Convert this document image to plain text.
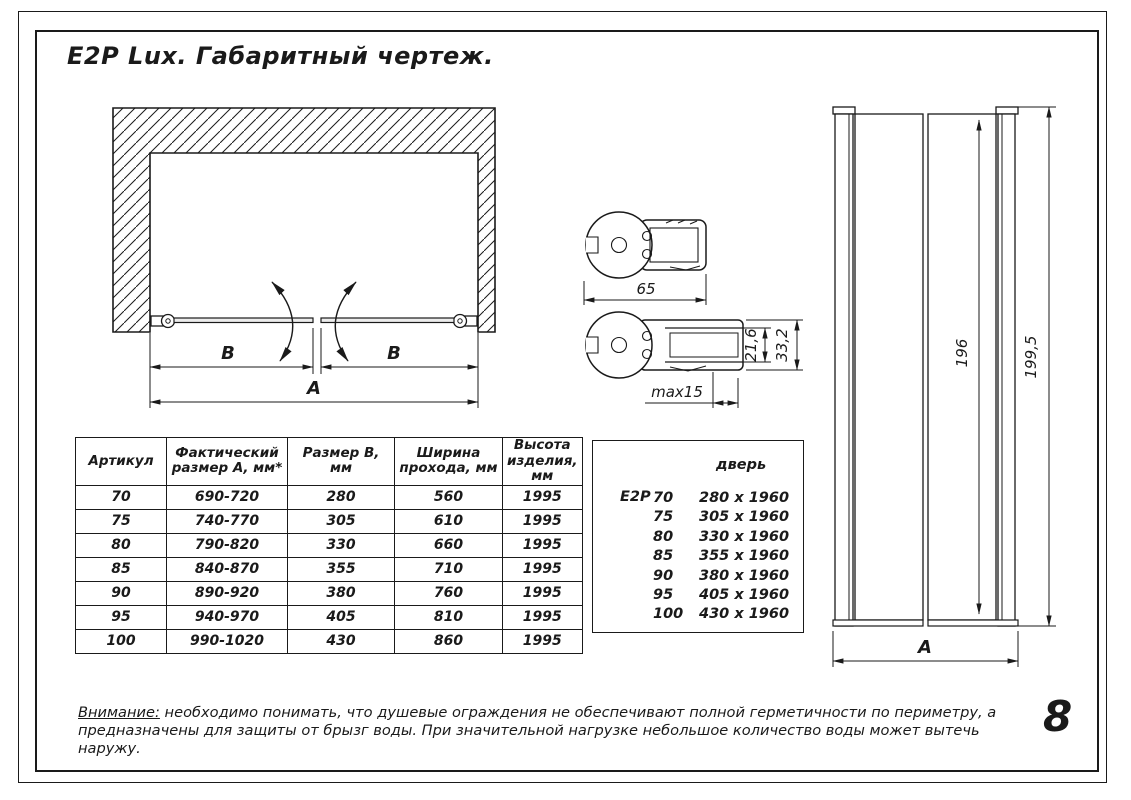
E2P Lux. Габаритный чертеж.
B	B
A
65
21,6 33,2
max15
196	199,5
A
Артикул	Фактический размер А, мм*	Размер В, мм	Ширина прохода, мм	Высота изделия, мм
70	690-720	280	560	1995
75	740-770	305	610	1995
80	790-820	330	660	1995
85	840-870	355	710	1995
90	890-920	380	760	1995
95	940-970	405	810	1995
100	990-1020	430	860	1995
дверь
E2P 70	280 x 1960
75	305 x 1960
80	330 x 1960
85	355 x 1960
90	380 x 1960
95	405 x 1960
100 430 x 1960
Внимание: необходимо понимать, что душевые ограждения не обеспечивают полной герметичности по периметру, а предназначены для защиты от брызг воды. При значительной нагрузке небольшое количество воды может вытечь наружу.
8
